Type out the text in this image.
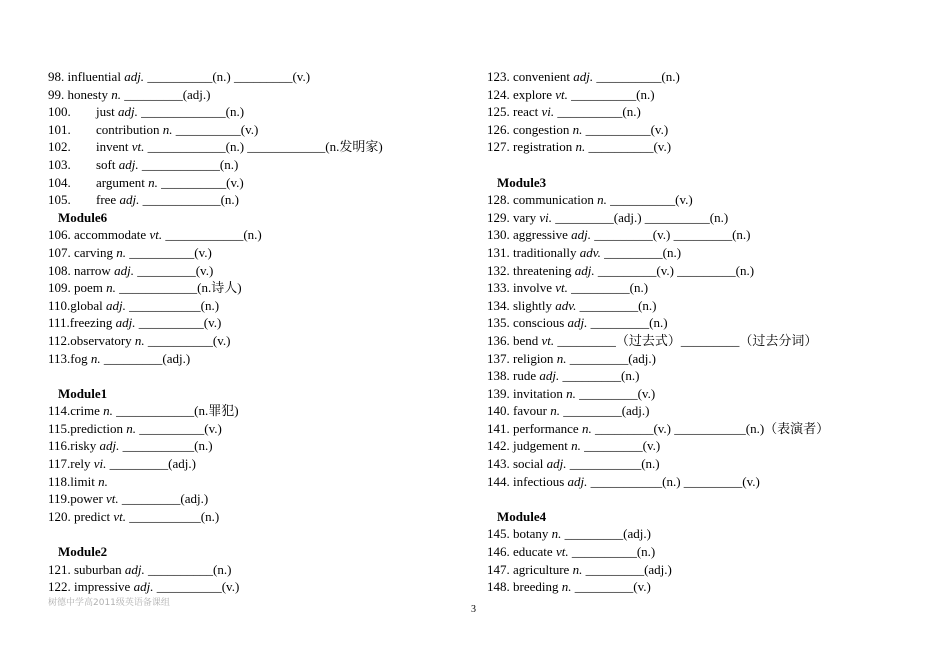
98. influential adj. __________(n.) _________(v.)
99. honesty n. _________(adj.)
100. just adj. _____________(n.)
101. contribution n. __________(v.)
102. invent vt. ____________(n.) ____________(n.发明家)
103. soft adj. ____________(n.)
104. argument n. __________(v.)
105. free adj. ____________(n.)
Module6
106. accommodate vt. ____________(n.)
107. carving n. __________(v.)
108. narrow adj. _________(v.)
109. poem n. ____________(n.诗人)
110.global adj. ___________(n.)
111.freezing adj. __________(v.)
112.observatory n. __________(v.)
113.fog n. _________(adj.)
Module1
114.crime n. ____________(n.罪犯)
115.prediction n. __________(v.)
116.risky adj. ___________(n.)
117.rely vi. _________(adj.)
118.limit n.
119.power vt. _________(adj.)
120. predict vt. ___________(n.)
Module2
121. suburban adj. __________(n.)
122. impressive adj. __________(v.)
123. convenient adj. __________(n.)
124. explore vt. __________(n.)
125. react vi. __________(n.)
126. congestion n. __________(v.)
127. registration n. __________(v.)
Module3
128. communication n. __________(v.)
129. vary vi. _________(adj.) __________(n.)
130. aggressive adj. _________(v.) _________(n.)
131. traditionally adv. _________(n.)
132. threatening adj. _________(v.) _________(n.)
133. involve vt. _________(n.)
134. slightly adv. _________(n.)
135. conscious adj. _________(n.)
136. bend vt. _________（过去式）_________（过去分词）
137. religion n. _________(adj.)
138. rude adj. _________(n.)
139. invitation n. _________(v.)
140. favour n. _________(adj.)
141. performance n. _________(v.) ___________(n.)（表演者）
142. judgement n. _________(v.)
143. social adj. ___________(n.)
144. infectious adj. ___________(n.) _________(v.)
Module4
145. botany n. _________(adj.)
146. educate vt. __________(n.)
147. agriculture n. _________(adj.)
148. breeding n. _________(v.)
树德中学高2011级英语备课组
3
